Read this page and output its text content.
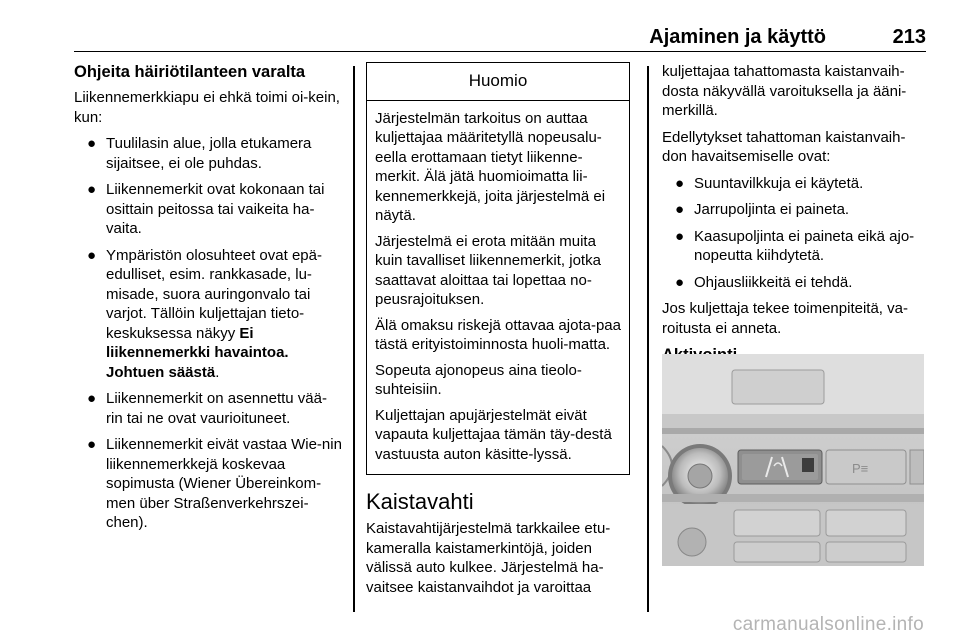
Ajaminen ja käyttö	213
Ohjeita häiriötilanteen varalta

Liikennemerkkiapu ei ehkä toimi oi-kein, kun:

● Tuulilasin alue, jolla etukamera sijaitsee, ei ole puhdas.
● Liikennemerkit ovat kokonaan tai osittain peitossa tai vaikeita ha-vaita.
● Ympäristön olosuhteet ovat epä-edulliset, esim. rankkasade, lu-misade, suora auringonvalo tai varjot. Tällöin kuljettajan tieto-keskuksessa näkyy Ei liikennemerkki havaintoa. Johtuen säästä.
● Liikennemerkit on asennettu vää-rin tai ne ovat vaurioituneet.
● Liikennemerkit eivät vastaa Wie-nin liikennemerkkejä koskevaa sopimusta (Wiener Übereinkom-men über Straßenverkehrszei-chen).
Huomio

Järjestelmän tarkoitus on auttaa kuljettajaa määritetyllä nopeusalu-eella erottamaan tietyt liikenne-merkit. Älä jätä huomioimatta lii-kennemerkkejä, joita järjestelmä ei näytä.

Järjestelmä ei erota mitään muita kuin tavalliset liikennemerkit, jotka saattavat aloittaa tai lopettaa no-peusrajoituksen.

Älä omaksu riskejä ottavaa ajota-paa tästä erityistoiminnosta huoli-matta.

Sopeuta ajonopeus aina tieolo-suhteisiin.

Kuljettajan apujärjestelmät eivät vapauta kuljettajaa tämän täy-destä vastuusta auton käsitte-lyssä.

Kaistavahti

Kaistavahtijärjestelmä tarkkailee etu-kameralla kaistamerkintöjä, joiden välissä auto kulkee. Järjestelmä ha-vaitsee kaistanvaihdot ja varoittaa

kuljettajaa tahattomasta kaistanvaih-dosta näkyvällä varoituksella ja ääni-merkillä.

Edellytykset tahattoman kaistanvaih-don havaitsemiselle ovat:

● Suuntavilkkuja ei käytetä.
● Jarrupoljinta ei paineta.
● Kaasupoljinta ei paineta eikä ajo-nopeutta kiihdytetä.
● Ohjausliikkeitä ei tehdä.

Jos kuljettaja tekee toimenpiteitä, va-roitusta ei anneta.

P≡
carmanualsonline.info
